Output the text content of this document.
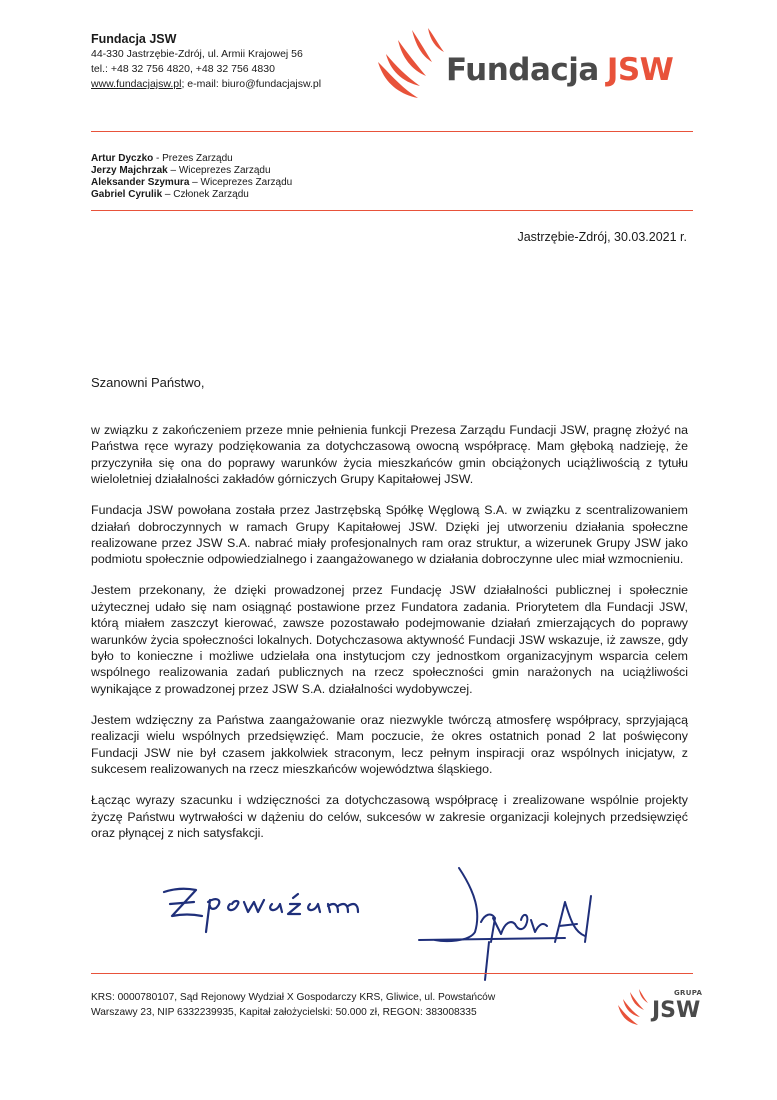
Fundacja JSW
44-330 Jastrzębie-Zdrój, ul. Armii Krajowej 56
tel.: +48 32 756 4820, +48 32 756 4830
www.fundacjajsw.pl; e-mail: biuro@fundacjajsw.pl	Fundacja JSW
Artur Dyczko - Prezes Zarządu
Jerzy Majchrzak – Wiceprezes Zarządu
Aleksander Szymura – Wiceprezes Zarządu
Gabriel Cyrulik – Członek Zarządu
Jastrzębie-Zdrój, 30.03.2021 r.
Szanowni Państwo,

w związku z zakończeniem przeze mnie pełnienia funkcji Prezesa Zarządu Fundacji JSW, pragnę złożyć na Państwa ręce wyrazy podziękowania za dotychczasową owocną współpracę. Mam głęboką nadzieję, że przyczyniła się ona do poprawy warunków życia mieszkańców gmin obciążonych uciążliwością z tytułu wieloletniej działalności zakładów górniczych Grupy Kapitałowej JSW.

Fundacja JSW powołana została przez Jastrzębską Spółkę Węglową S.A. w związku z scentralizowaniem działań dobroczynnych w ramach Grupy Kapitałowej JSW. Dzięki jej utworzeniu działania społeczne realizowane przez JSW S.A. nabrać miały profesjonalnych ram oraz struktur, a wizerunek Grupy JSW jako podmiotu społecznie odpowiedzialnego i zaangażowanego w działania dobroczynne ulec miał wzmocnieniu.

Jestem przekonany, że dzięki prowadzonej przez Fundację JSW działalności publicznej i społecznie użytecznej udało się nam osiągnąć postawione przez Fundatora zadania. Priorytetem dla Fundacji JSW, którą miałem zaszczyt kierować, zawsze pozostawało podejmowanie działań zmierzających do poprawy warunków życia społeczności lokalnych. Dotychczasowa aktywność Fundacji JSW wskazuje, iż zawsze, gdy było to konieczne i możliwe udzielała ona instytucjom czy jednostkom organizacyjnym wsparcia celem wspólnego realizowania zadań publicznych na rzecz społeczności gmin narażonych na uciążliwości wynikające z prowadzonej przez JSW S.A. działalności wydobywczej.

Jestem wdzięczny za Państwa zaangażowanie oraz niezwykle twórczą atmosferę współpracy, sprzyjającą realizacji wielu wspólnych przedsięwzięć. Mam poczucie, że okres ostatnich ponad 2 lat poświęcony Fundacji JSW nie był czasem jakkolwiek straconym, lecz pełnym inspiracji oraz wspólnych inicjatyw, z sukcesem realizowanych na rzecz mieszkańców województwa śląskiego.

Łącząc wyrazy szacunku i wdzięczności za dotychczasową współpracę i zrealizowane wspólnie projekty życzę Państwu wytrwałości w dążeniu do celów, sukcesów w zakresie organizacji kolejnych przedsięwzięć oraz płynącej z nich satysfakcji.

KRS: 0000780107, Sąd Rejonowy Wydział X Gospodarczy KRS, Gliwice, ul. Powstańców
Warszawy 23, NIP 6332239935, Kapitał założycielski: 50.000 zł, REGON: 383008335
GRUPA
JSW
